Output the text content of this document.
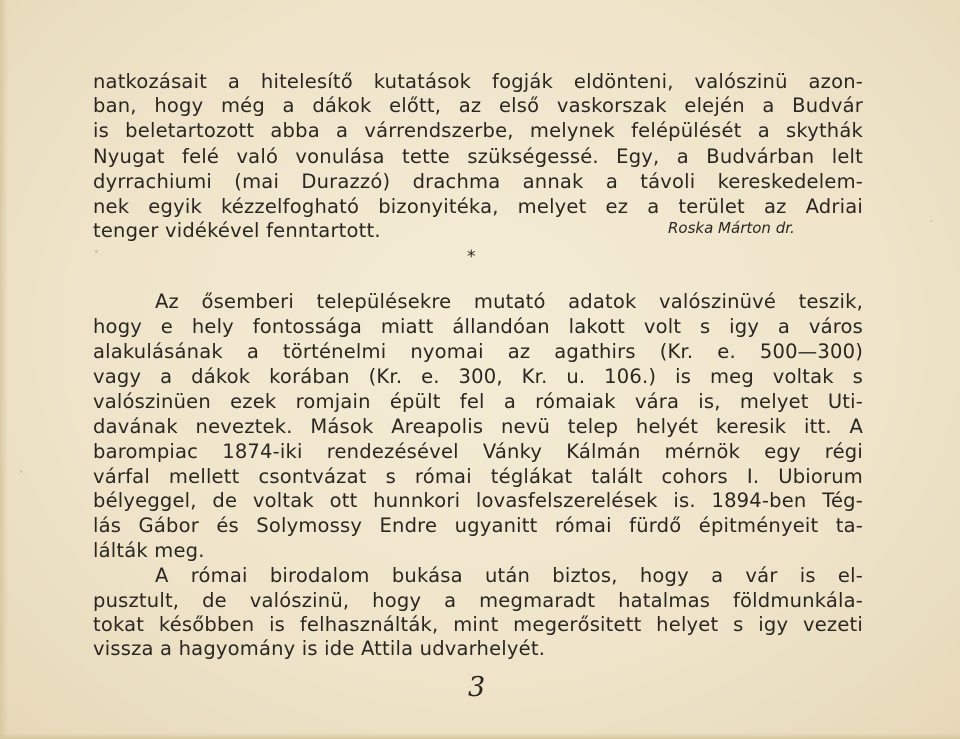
natkozásait a hitelesítő kutatások fogják eldönteni, valószinü azon-
ban, hogy még a dákok előtt, az első vaskorszak elején a Budvár
is beletartozott abba a várrendszerbe, melynek felépülését a skythák
Nyugat felé való vonulása tette szükségessé. Egy, a Budvárban lelt
dyrrachiumi (mai Durazzó) drachma annak a távoli kereskedelem-
nek egyik kézzelfogható bizonyitéka, melyet ez a terület az Adriai
tenger vidékével fenntartott.	Roska Márton dr.
*
Az ősemberi településekre mutató adatok valószinüvé teszik,
hogy e hely fontossága miatt állandóan lakott volt s igy a város
alakulásának a történelmi nyomai az agathirs (Kr. e. 500—300)
vagy a dákok korában (Kr. e. 300, Kr. u. 106.) is meg voltak s
valószinüen ezek romjain épült fel a rómaiak vára is, melyet Uti-
davának neveztek. Mások Areapolis nevü telep helyét keresik itt. A
barompiac 1874-iki rendezésével Vánky Kálmán mérnök egy régi
várfal mellett csontvázat s római téglákat talált cohors I. Ubiorum
bélyeggel, de voltak ott hunnkori lovasfelszerelések is. 1894-ben Tég-
lás Gábor és Solymossy Endre ugyanitt római fürdő épitményeit ta-
lálták meg.
A római birodalom bukása után biztos, hogy a vár is el-
pusztult, de valószinü, hogy a megmaradt hatalmas földmunkála-
tokat későbben is felhasználták, mint megerősitett helyet s igy vezeti
vissza a hagyomány is ide Attila udvarhelyét.
3
